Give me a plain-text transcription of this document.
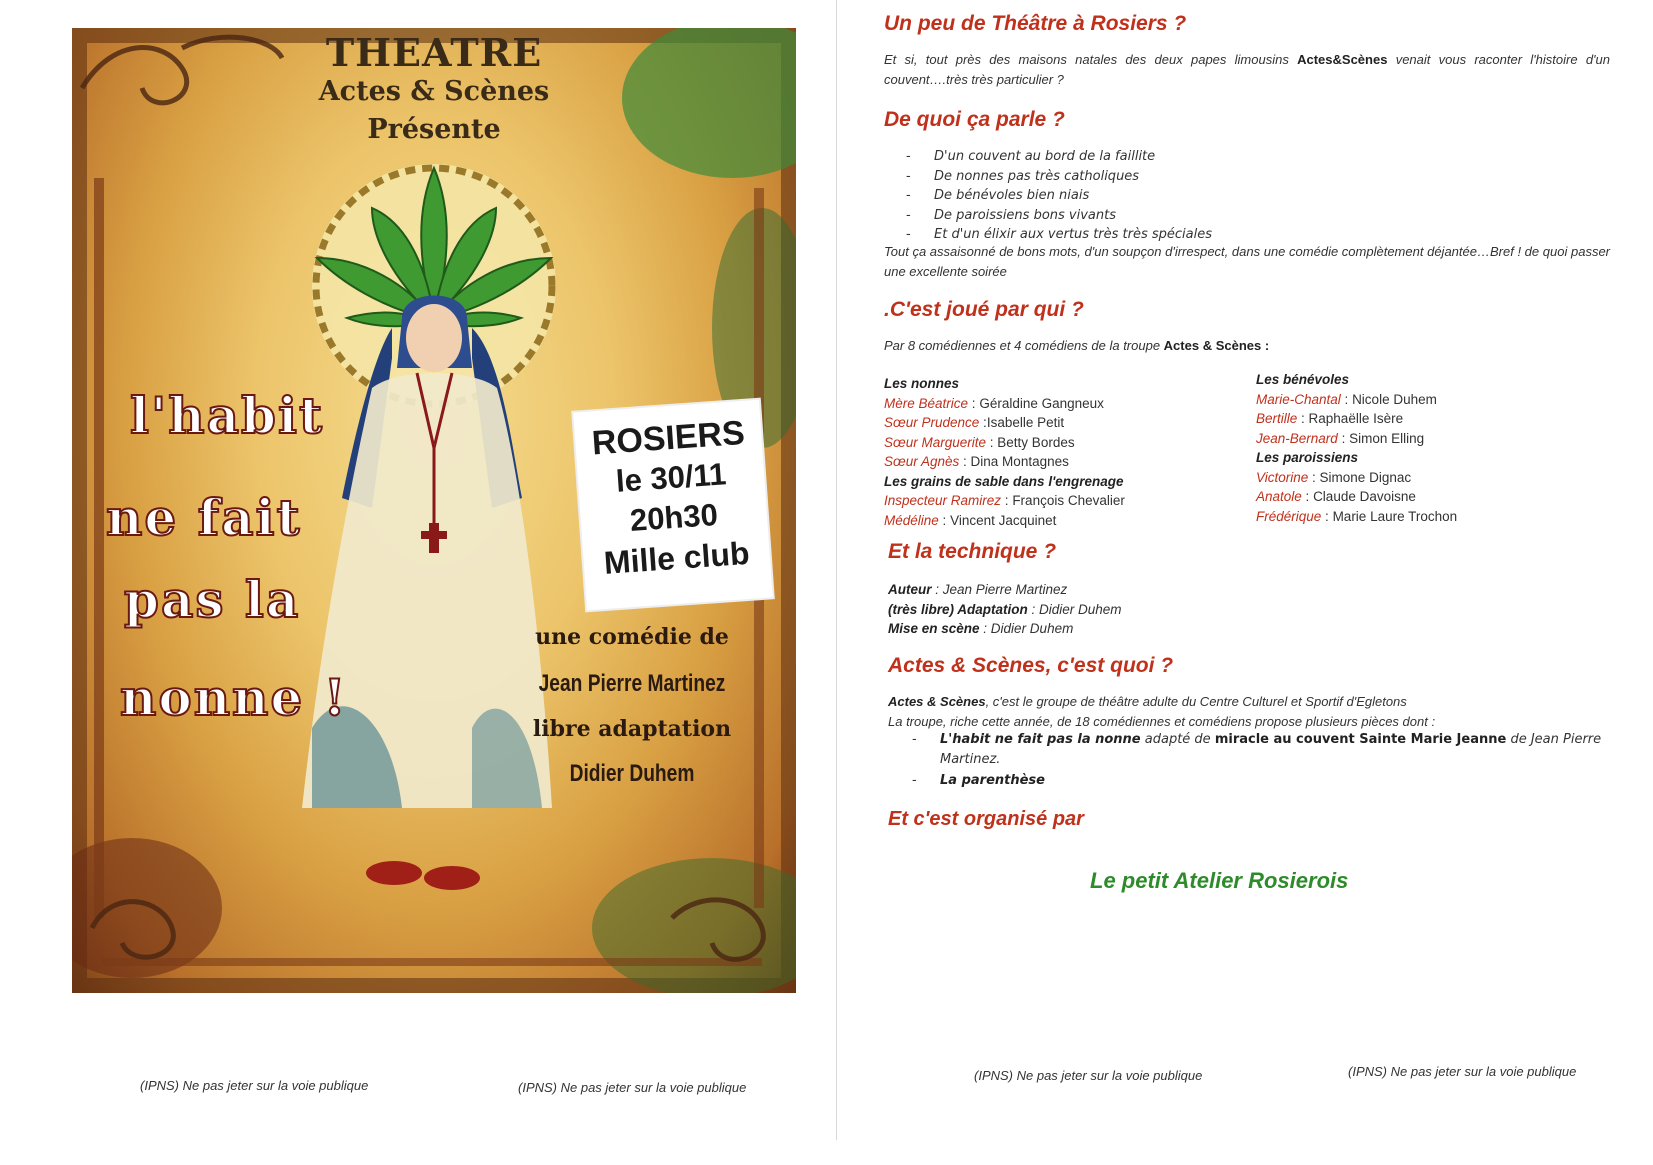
THEATRE
Actes & Scènes
Présente
l'habit
ne fait
pas la
nonne !
ROSIERS
le 30/11
20h30
Mille club
une comédie de
Jean Pierre Martinez
libre adaptation
Didier Duhem
(IPNS) Ne pas jeter sur la voie publique	(IPNS) Ne pas jeter sur la voie publique
(IPNS) Ne pas jeter sur la voie publique	(IPNS) Ne pas jeter sur la voie publique
Un peu de Théâtre à Rosiers ?
Et si, tout près des maisons natales des deux papes limousins Actes&Scènes venait vous raconter l'histoire d'un couvent….très très particulier ?
De quoi ça parle ?
- D'un couvent au bord de la faillite
- De nonnes pas très catholiques
- De bénévoles bien niais
- De paroissiens bons vivants
- Et d'un élixir aux vertus très très spéciales
Tout ça assaisonné de bons mots, d'un soupçon d'irrespect, dans une comédie complètement déjantée…Bref ! de quoi passer une excellente soirée
.C'est joué par qui ?
Par 8 comédiennes et 4 comédiens de la troupe Actes & Scènes :
Les nonnes
Mère Béatrice : Géraldine Gangneux
Sœur Prudence :Isabelle Petit
Sœur Marguerite : Betty Bordes
Sœur Agnès : Dina Montagnes
Les grains de sable dans l'engrenage
Inspecteur Ramirez : François Chevalier
Médéline : Vincent Jacquinet
Les bénévoles
Marie-Chantal : Nicole Duhem
Bertille : Raphaëlle Isère
Jean-Bernard : Simon Elling
Les paroissiens
Victorine : Simone Dignac
Anatole : Claude Davoisne
Frédérique : Marie Laure Trochon
Et la technique ?
Auteur : Jean Pierre Martinez
(très libre) Adaptation : Didier Duhem
Mise en scène : Didier Duhem
Actes & Scènes, c'est quoi ?
Actes & Scènes, c'est le groupe de théâtre adulte du Centre Culturel et Sportif d'Egletons
La troupe, riche cette année, de 18 comédiennes et comédiens propose plusieurs pièces dont :
- L'habit ne fait pas la nonne adapté de miracle au couvent Sainte Marie Jeanne de Jean Pierre Martinez.
- La parenthèse
Et c'est organisé par
Le petit Atelier Rosierois
